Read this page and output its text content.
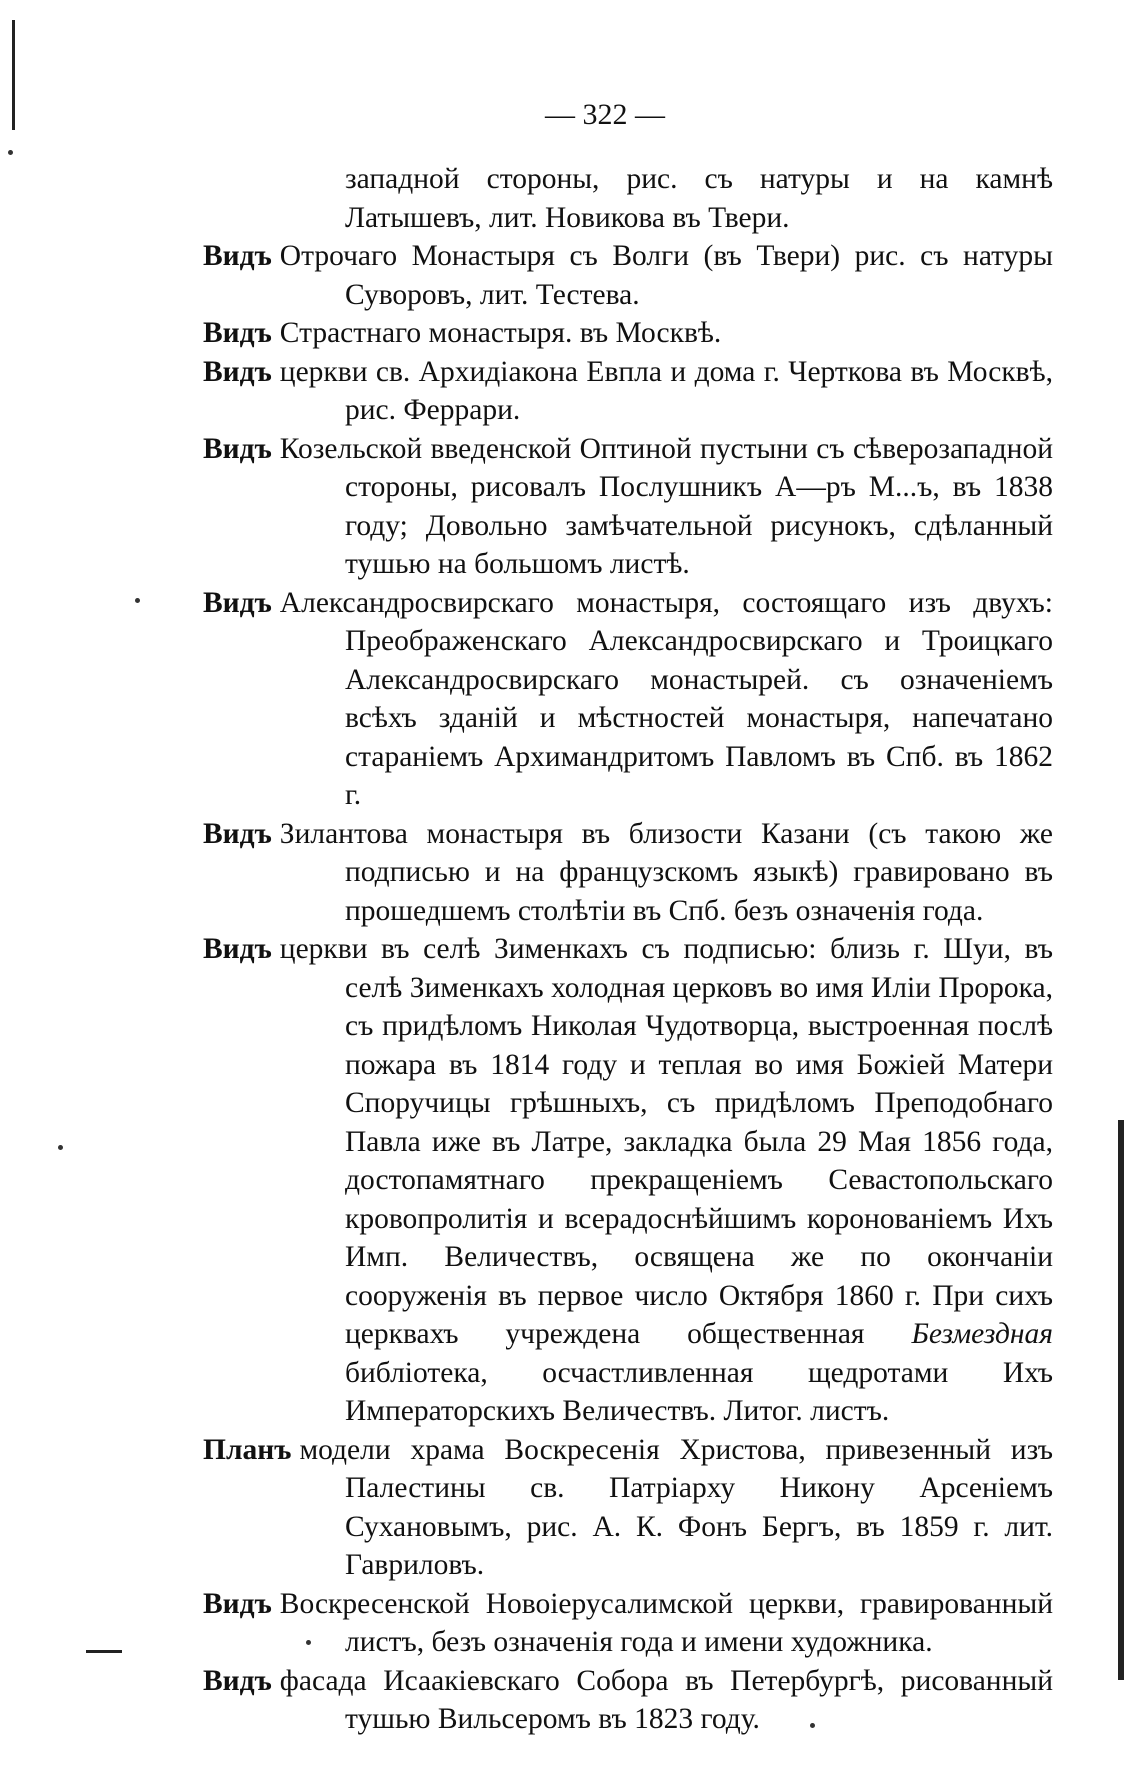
— 322 —

западной стороны, рис. съ натуры и на камнѣ Латышевъ, лит. Новикова въ Твери.

Видъ Отрочаго Монастыря съ Волги (въ Твери) рис. съ натуры Суворовъ, лит. Тестева.

Видъ Страстнаго монастыря. въ Москвѣ.

Видъ церкви св. Архидіакона Евпла и дома г. Черткова въ Москвѣ, рис. Феррари.

Видъ Козельской введенской Оптиной пустыни съ сѣверозападной стороны, рисовалъ Послушникъ А—ръ М...ъ, въ 1838 году; Довольно замѣчательной рисунокъ, сдѣланный тушью на большомъ листѣ.

Видъ Александросвирскаго монастыря, состоящаго изъ двухъ: Преображенскаго Александросвирскаго и Троицкаго Александросвирскаго монастырей. съ означеніемъ всѣхъ зданій и мѣстностей монастыря, напечатано стараніемъ Архимандритомъ Павломъ въ Спб. въ 1862 г.

Видъ Зилантова монастыря въ близости Казани (съ такою же подписью и на французскомъ языкѣ) гравировано въ прошедшемъ столѣтіи въ Спб. безъ означенія года.

Видъ церкви въ селѣ Зименкахъ съ подписью: близь г. Шуи, въ селѣ Зименкахъ холодная церковъ во имя Иліи Пророка, съ придѣломъ Николая Чудотворца, выстроенная послѣ пожара въ 1814 году и теплая во имя Божіей Матери Споручицы грѣшныхъ, съ придѣломъ Преподобнаго Павла иже въ Латре, закладка была 29 Мая 1856 года, достопамятнаго прекращеніемъ Севастопольскаго кровопролитія и всерадоснѣйшимъ коронованіемъ Ихъ Имп. Величествъ, освящена же по окончаніи сооруженія въ первое число Октября 1860 г. При сихъ церквахъ учреждена общественная Безмездная библіотека, осчастливленная щедротами Ихъ Императорскихъ Величествъ. Литог. листъ.

Планъ модели храма Воскресенія Христова, привезенный изъ Палестины св. Патріарху Никону Арсеніемъ Сухановымъ, рис. А. К. Фонъ Бергъ, въ 1859 г. лит. Гавриловъ.

Видъ Воскресенской Новоіерусалимской церкви, гравированный листъ, безъ означенія года и имени художника.

Видъ фасада Исаакіевскаго Собора въ Петербургѣ, рисованный тушью Вильсеромъ въ 1823 году.
